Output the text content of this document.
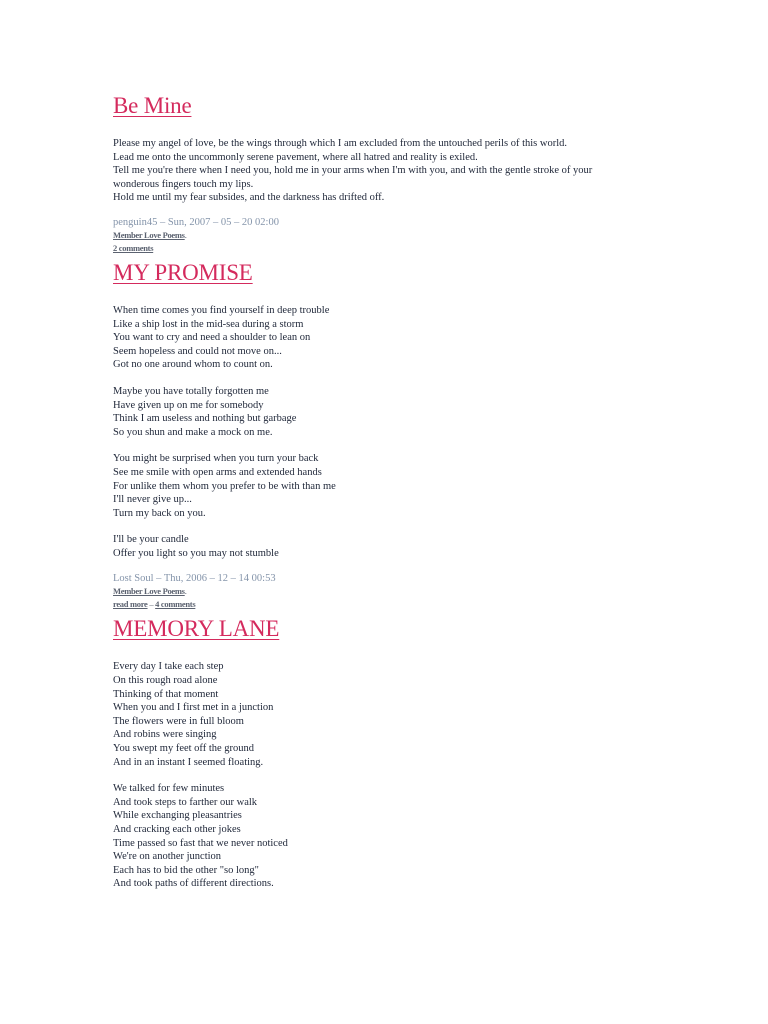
Be Mine
Please my angel of love, be the wings through which I am excluded from the untouched perils of this world.
Lead me onto the uncommonly serene pavement, where all hatred and reality is exiled.
Tell me you're there when I need you, hold me in your arms when I'm with you, and with the gentle stroke of your
wonderous fingers touch my lips.
Hold me until my fear subsides, and the darkness has drifted off.
penguin45 – Sun, 2007 – 05 – 20 02:00
Member Love Poems.
2 comments
MY PROMISE
When time comes you find yourself in deep trouble
Like a ship lost in the mid-sea during a storm
You want to cry and need a shoulder to lean on
Seem hopeless and could not move on...
Got no one around whom to count on.
Maybe you have totally forgotten me
Have given up on me for somebody
Think I am useless and nothing but garbage
So you shun and make a mock on me.
You might be surprised when you turn your back
See me smile with open arms and extended hands
For unlike them whom you prefer to be with than me
I'll never give up...
Turn my back on you.
I'll be your candle
Offer you light so you may not stumble
Lost Soul – Thu, 2006 – 12 – 14 00:53
Member Love Poems.
read more – 4 comments
MEMORY LANE
Every day I take each step
On this rough road alone
Thinking of that moment
When you and I first met in a junction
The flowers were in full bloom
And robins were singing
You swept my feet off the ground
And in an instant I seemed floating.
We talked for few minutes
And took steps to farther our walk
While exchanging pleasantries
And cracking each other jokes
Time passed so fast that we never noticed
We're on another junction
Each has to bid the other "so long"
And took paths of different directions.
